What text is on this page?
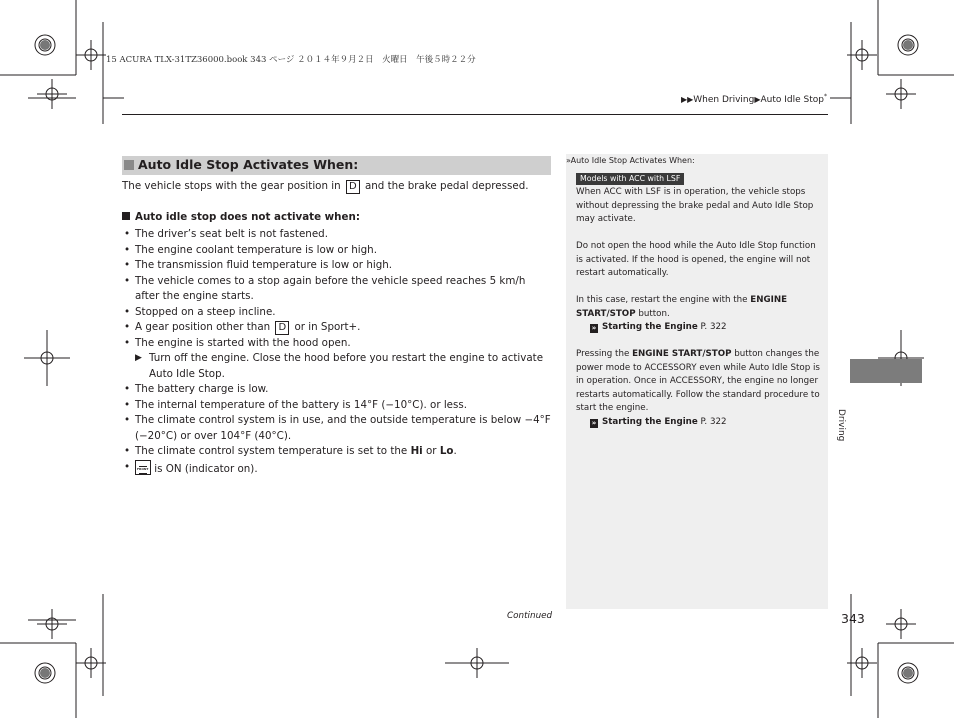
15 ACURA TLX-31TZ36000.book 343 ページ ２０１４年９月２日　火曜日　午後５時２２分
▶▶When Driving▶Auto Idle Stop*
Auto Idle Stop Activates When:
The vehicle stops with the gear position in D and the brake pedal depressed.
Auto idle stop does not activate when:
• The driver’s seat belt is not fastened.
• The engine coolant temperature is low or high.
• The transmission fluid temperature is low or high.
• The vehicle comes to a stop again before the vehicle speed reaches 5 km/h after the engine starts.
• Stopped on a steep incline.
• A gear position other than D or in Sport+.
• The engine is started with the hood open.
▶ Turn off the engine. Close the hood before you restart the engine to activate Auto Idle Stop.
• The battery charge is low.
• The internal temperature of the battery is 14°F (−10°C). or less.
• The climate control system is in use, and the outside temperature is below −4°F (−20°C) or over 104°F (40°C).
• The climate control system temperature is set to the Hi or Lo.
• FRONT is ON (indicator on).
»Auto Idle Stop Activates When:
Models with ACC with LSF

When ACC with LSF is in operation, the vehicle stops without depressing the brake pedal and Auto Idle Stop may activate.

Do not open the hood while the Auto Idle Stop function is activated. If the hood is opened, the engine will not restart automatically.

In this case, restart the engine with the ENGINE START/STOP button.

» Starting the Engine P. 322

Pressing the ENGINE START/STOP button changes the power mode to ACCESSORY even while Auto Idle Stop is in operation. Once in ACCESSORY, the engine no longer restarts automatically. Follow the standard procedure to start the engine.

» Starting the Engine P. 322
Continued	343
Driving
